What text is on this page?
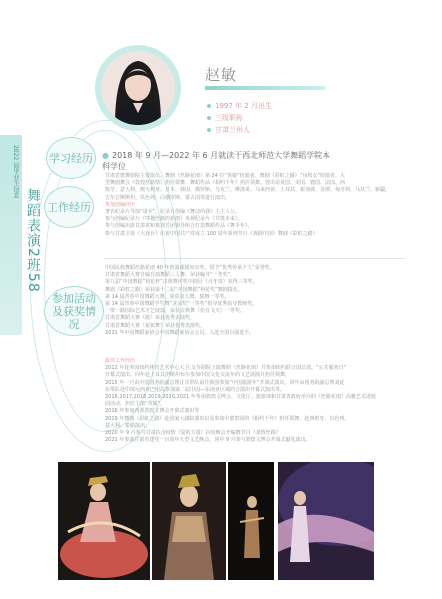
2022 届毕业生信息
舞蹈表演2班58
赵敏
1997 年 2 月出生
三级职称
甘肃兰州人
学习经历
工作经历
参加活动及获奖情况
● 2018 年 9 月—2022 年 6 月就读于西北师范大学舞蹈学院本科学位

甘肃省歌舞剧院主要演员。舞剧《丝路花雨》第 24 位“英娘”扮演者。舞剧《彩虹之路》“旬奴女”扮演者。大

型舞剧舞会《敦煌丝路情》担任领舞。舞蹈作品《相约千年》担任领舞。曾出访英国、美国、德国、法国、西

班牙、意大利、澳大利亚、日本、韩国、俄罗斯、乌克兰、摩洛哥、马来西亚、土耳其、新加坡、菲律、匈牙利、马其兰、新疆、

吉尔吉斯斯坦、以色列、白俄罗斯、蒙古国等进行演出。

参加创编经历

著名纪录片导演“周兵”，纪录片创编《舞动的我》主主人公。

参与创编纪录片《穿越丝路的花雨》央视纪录片《共筑未来》。

参与创编出席甘肃省和靠刘芳团领导组合打造舞蹈作品《舞手年》。

参与甘肃卫视《大戏台》庆祝中国共产党成立 100 周年系列节目《戏剧中国》舞剧《彩虹之路》

中国民族舞蹈丝路花雨 40 年创演成绩突出奖，授予“优秀传承个人”荣誉奖。

甘肃省舞蹈大赛自编自演舞蹈三人舞，荣获编导“一等奖”。

第九届“中国舞蹈”荷花杯”古典舞评奖中剧目《月牙泉》获得三等奖。

舞剧《彩虹之路》荣获第十二届“中国舞蹈”荷花奖”舞剧提名。

第 14 届青春中国舞蹈大赛，荣获双人舞，独舞一等奖。

第 14 届青春中国舞蹈学生舞”龙朵奖”一等奖”指导优秀指导教师奖。

一带一路国际艺术才艺展演，荣获古典舞《份音飞天》一等奖。

甘肃省舞蹈大赛《渡》荣获优秀表演奖。

甘肃省舞蹈大赛《祝祝舞》荣获优秀表演奖。

2021 年中国舞蹈家协会中国舞蹈家协会会员，入选全国百强选手。

最佳工作经历

2012 年赴英国纽约林肯艺术中心大卫.戈芬剧院上演舞剧《丝路花雨》并参加纽约联合国总部。“公共服务日”

开幕式演出。同年赴土耳其伊斯坦布尔参加中国文化交流年的文艺展演并担任领舞。

2015 年一月由中国国务院副总理汪洋带队前往韩国参加“中国旅游年”开幕式演出。同年由国务院副总理刘延

东带队赴印度尼西亚巴厘岛参加第二届中国—东南亚区域的合演出开幕式演出等。

2016,2017,2018,2019,2020,2021 年参加敦煌文博会、文化厅、旅游部和甘肃省政府举办的《丝路花雨》高雅艺术进校

园活动，担任主演“英娘”。

2016 年参加西部敦煌文博会开幕式演出等

2019 年舞剧《彩虹之路》赴国家大剧院演出以及参加中蒙祭同的《相约千年》担任领舞，赴西班牙、以色列、

意大利、希腊演出。

2020 年 9 月参与甘肃抗击疫情《爱的力量》抗疫晚会开编舞节目《柔情丝路》

2021 年参演甘肃省建党一百周年大型文艺晚会，同年 9 月参与敦煌文博会开幕式献礼演出。
